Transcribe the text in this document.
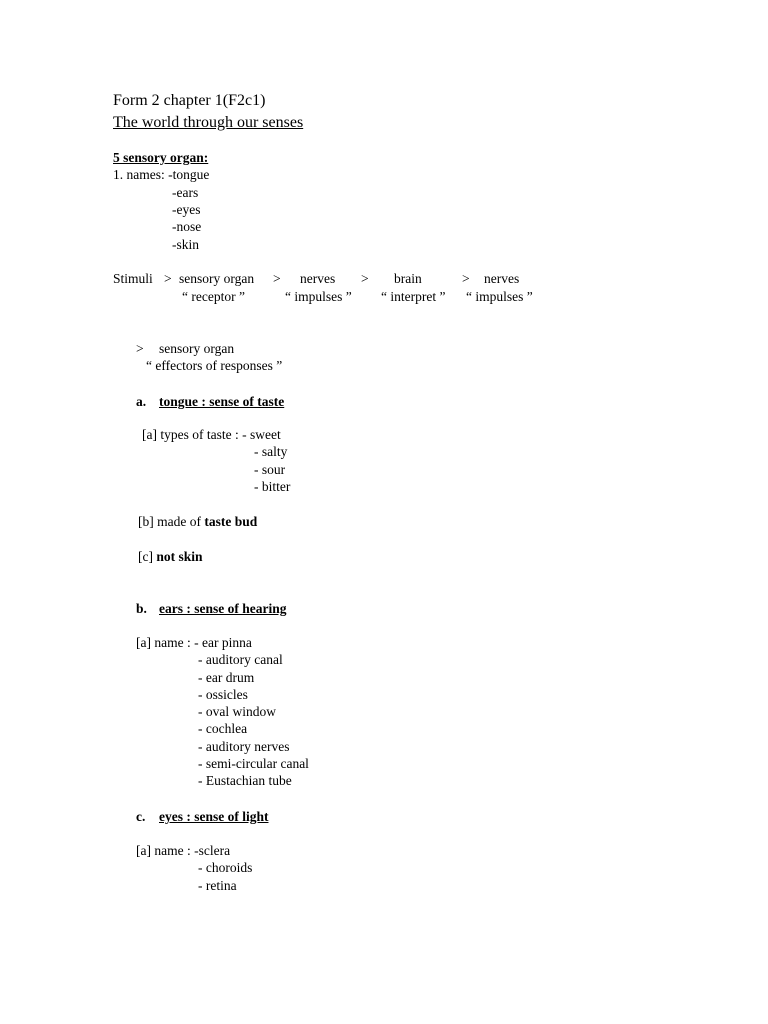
Form 2 chapter 1(F2c1)
The world through our senses
5 sensory organ:
1. names: -tongue
-ears
-eyes
-nose
-skin
Stimuli > sensory organ > nerves > brain	> nerves
“ receptor ”	“ impulses ” “ interpret ” “ impulses ”
> sensory organ
“ effectors of responses ”
a. tongue : sense of taste
[a] types of taste : - sweet
- salty
- sour
- bitter
[b] made of taste bud
[c] not skin
b. ears : sense of hearing
[a] name : - ear pinna
- auditory canal
- ear drum
- ossicles
- oval window
- cochlea
- auditory nerves
- semi-circular canal
- Eustachian tube
c. eyes : sense of light
[a] name : -sclera
- choroids
- retina
